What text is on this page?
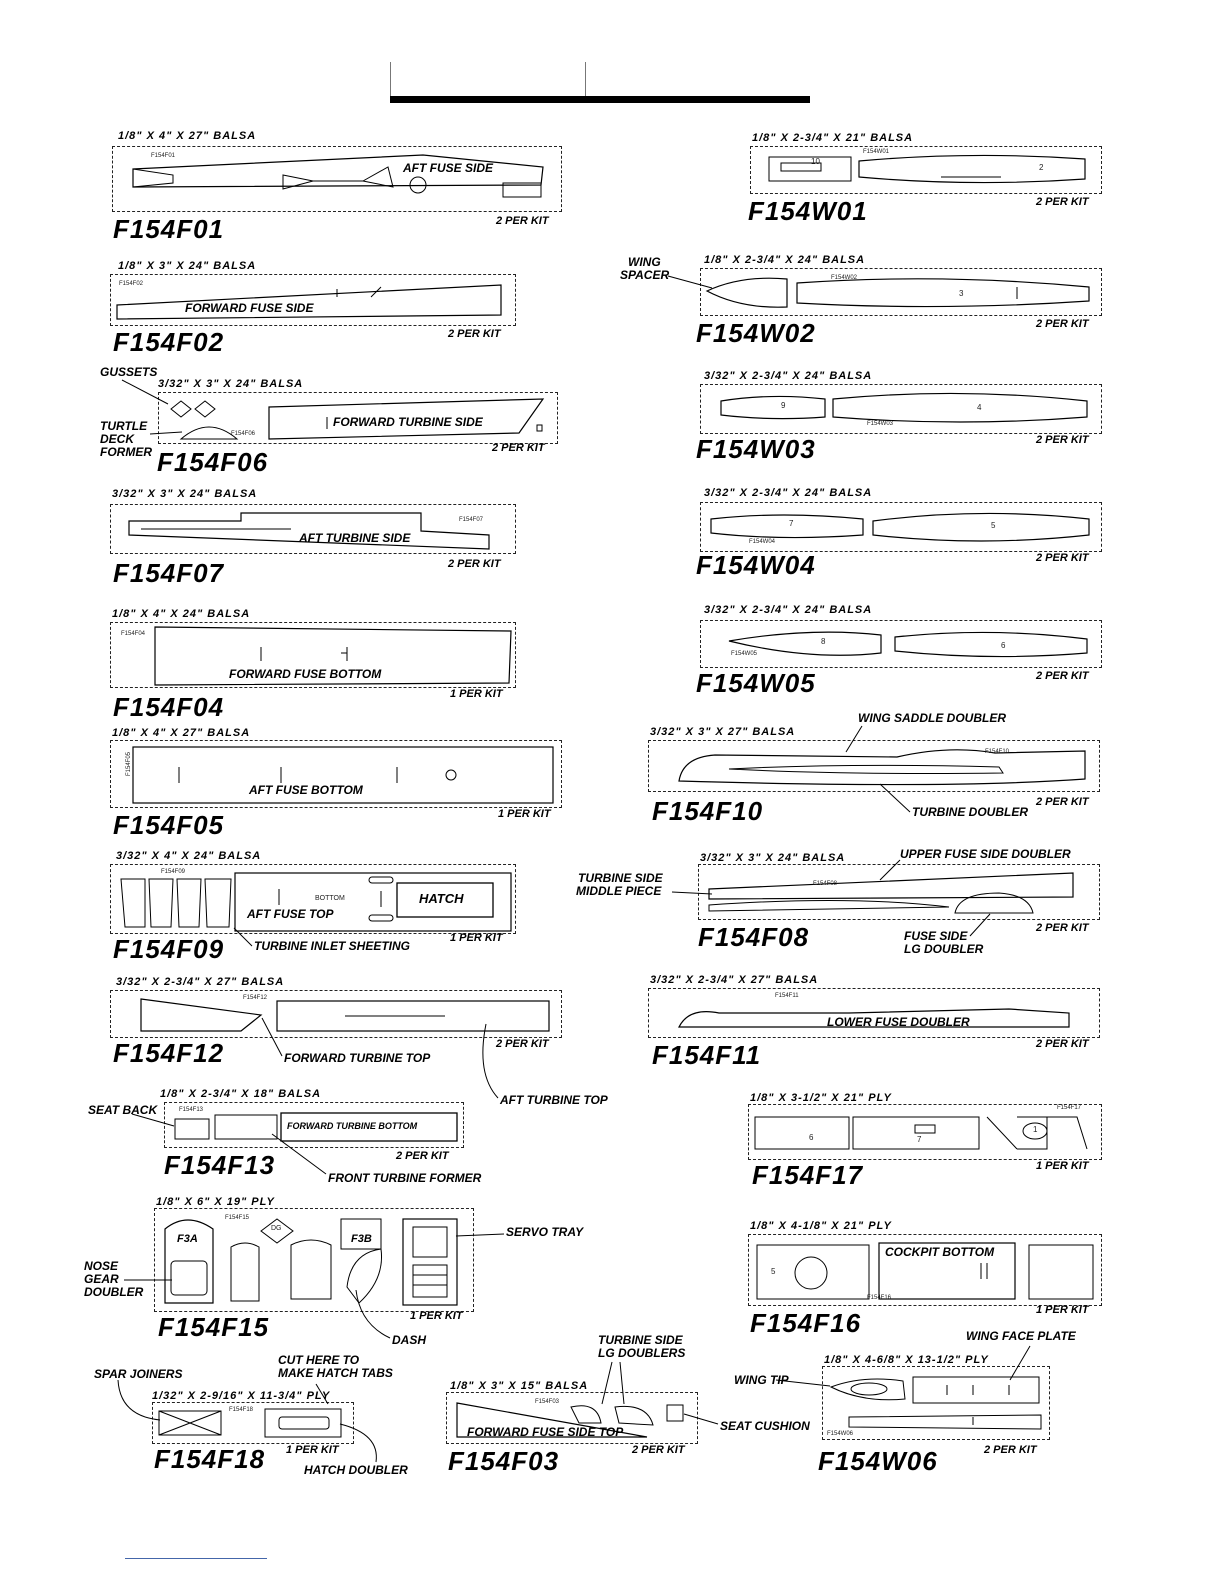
1/8" X 4" X 27" BALSA
F154F01
AFT FUSE SIDE
F154F01	2 PER KIT
1/8" X 3" X 24" BALSA
F154F02
FORWARD FUSE SIDE
F154F02	2 PER KIT
3/32" X 3" X 24" BALSA
F154F06
FORWARD TURBINE SIDE
F154F06	2 PER KIT
3/32" X 3" X 24" BALSA
F154F07
AFT TURBINE SIDE
F154F07	2 PER KIT
1/8" X 4" X 24" BALSA
F154F04
FORWARD FUSE BOTTOM
F154F04	1 PER KIT
1/8" X 4" X 27" BALSA
F154F05
AFT FUSE BOTTOM
F154F05	1 PER KIT
3/32" X 4" X 24" BALSA
F154F09
BOTTOM
AFT FUSE TOP
HATCH
F154F09	1 PER KIT
3/32" X 2-3/4" X 27" BALSA
F154F12
F154F12	2 PER KIT
1/8" X 2-3/4" X 18" BALSA
F154F13
FORWARD TURBINE BOTTOM
F154F13	2 PER KIT
1/8" X 6" X 19" PLY
F154F15
F3A	F3B
DG
F154F15	1 PER KIT
1/32" X 2-9/16" X 11-3/4" PLY
F154F18
F154F18 1 PER KIT
1/8" X 3" X 15" BALSA
F154F03
FORWARD FUSE SIDE TOP
F154F03	2 PER KIT
1/8" X 2-3/4" X 21" BALSA
F154W01
10
2
F154W01	2 PER KIT
1/8" X 2-3/4" X 24" BALSA
F154W02
3
F154W02	2 PER KIT
3/32" X 2-3/4" X 24" BALSA
F154W03
9	4
F154W03	2 PER KIT
3/32" X 2-3/4" X 24" BALSA
F154W04
7	5
F154W04	2 PER KIT
3/32" X 2-3/4" X 24" BALSA
F154W05
8	6
F154W05	2 PER KIT
3/32" X 3" X 27" BALSA
F154F10
F154F10	2 PER KIT
3/32" X 3" X 24" BALSA
F154F08
F154F08	2 PER KIT
3/32" X 2-3/4" X 27" BALSA
F154F11
LOWER FUSE DOUBLER
F154F11	2 PER KIT
1/8" X 3-1/2" X 21" PLY
F154F17
6	7
1
F154F17	1 PER KIT
1/8" X 4-1/8" X 21" PLY
F154F16
COCKPIT BOTTOM
5
F154F16	1 PER KIT
1/8" X 4-6/8" X 13-1/2" PLY
F154W06
F154W06	2 PER KIT
GUSSETS
TURTLE
DECK
FORMER
WING
SPACER
WING SADDLE DOUBLER
TURBINE DOUBLER
TURBINE SIDE
MIDDLE PIECE
UPPER FUSE SIDE DOUBLER
FUSE SIDE
LG DOUBLER
TURBINE INLET SHEETING
FORWARD TURBINE TOP
AFT TURBINE TOP
SEAT BACK
FRONT TURBINE FORMER
SERVO TRAY
NOSE
GEAR
DOUBLER
DASH
SPAR JOINERS
CUT HERE TO
MAKE HATCH TABS
HATCH DOUBLER
TURBINE SIDE
LG DOUBLERS
SEAT CUSHION
WING TIP
WING FACE PLATE
